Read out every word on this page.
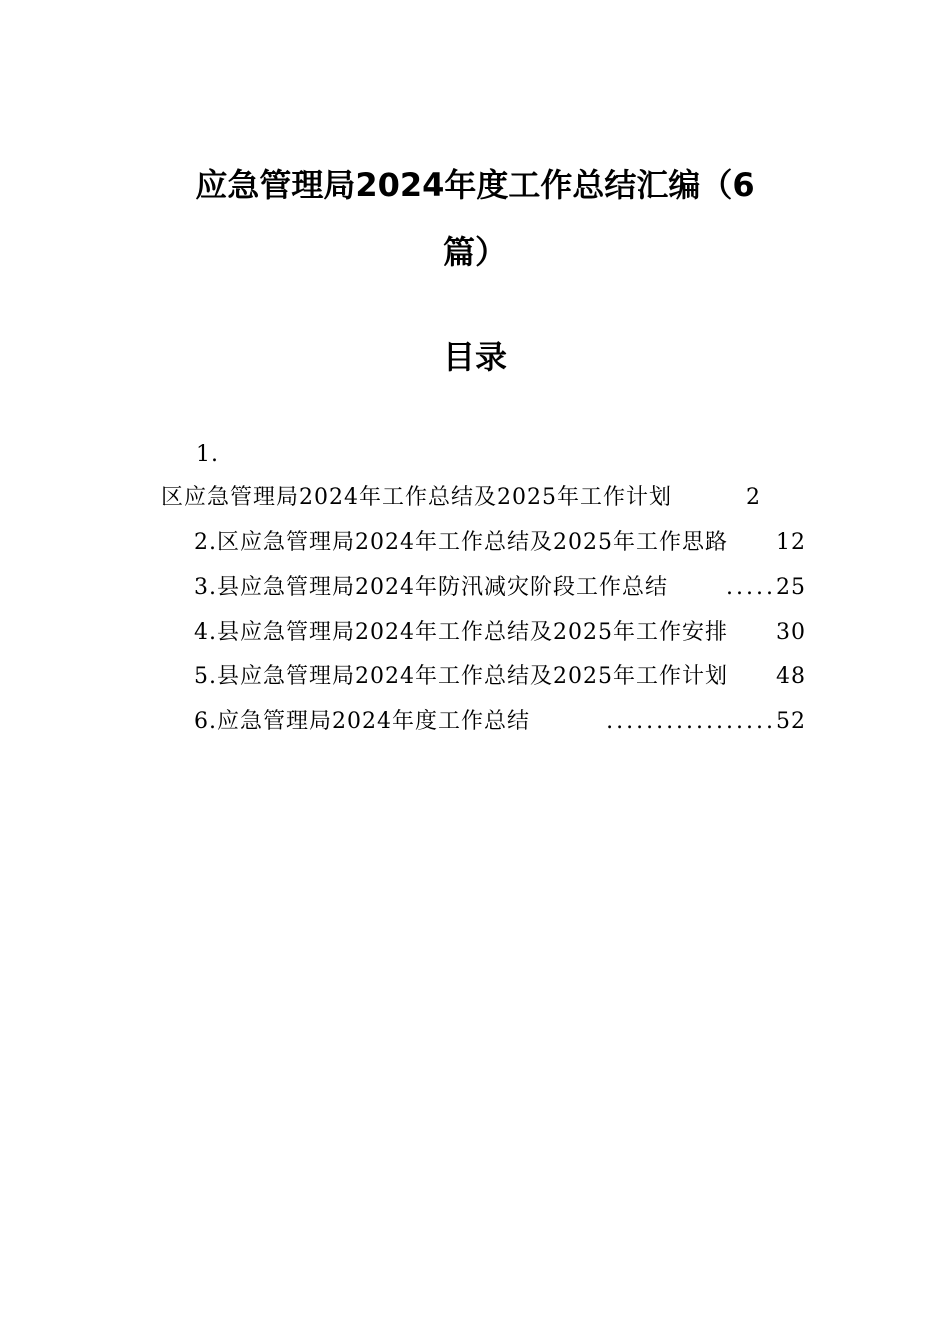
应急管理局2024年度工作总结汇编（6
篇）
目录
1.
区应急管理局2024年工作总结及2025年工作计划	2
2. 区应急管理局2024年工作总结及2025年工作思路 12
3. 县应急管理局2024年防汛减灾阶段工作总结	..... 25
4. 县应急管理局2024年工作总结及2025年工作安排 30
5. 县应急管理局2024年工作总结及2025年工作计划 48
6. 应急管理局2024年度工作总结	................. 52
